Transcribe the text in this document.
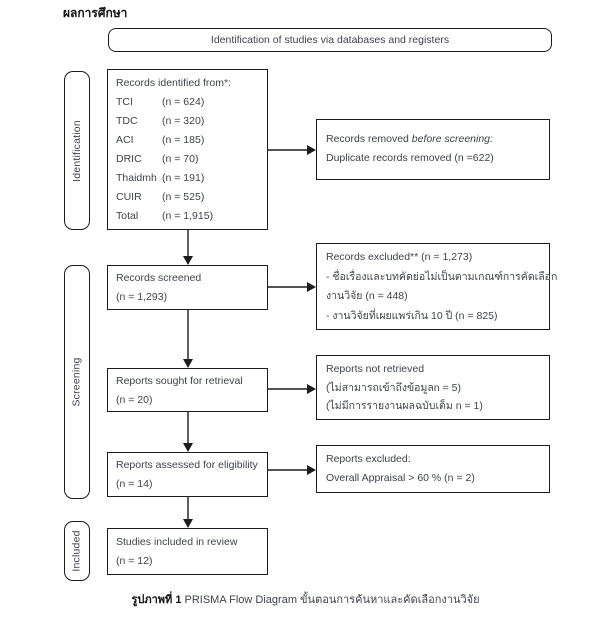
ผลการศึกษา
Identification of studies via databases and registers
Identification
Screening
Included
Records identified from*:
TCI	(n = 624)
TDC	(n = 320)
ACI	(n = 185)
DRIC	(n = 70)
Thaidmh (n = 191)
CUIR	(n = 525)
Total	(n = 1,915)
Records screened
(n = 1,293)
Reports sought for retrieval
(n = 20)
Reports assessed for eligibility
(n = 14)
Studies included in review
(n = 12)
Records removed before screening:
Duplicate records removed (n =622)
Records excluded** (n = 1,273)
- ชื่อเรื่องและบทคัดย่อไม่เป็นตามเกณฑ์การคัดเลือก
งานวิจัย (n = 448)
- งานวิจัยที่เผยแพร่เกิน 10 ปี (n = 825)
Reports not retrieved
(ไม่สามารถเข้าถึงข้อมูลn = 5)
(ไม่มีการรายงานผลฉบับเต็ม n = 1)
Reports excluded:
Overall Appraisal > 60 % (n = 2)
รูปภาพที่ 1 PRISMA Flow Diagram ขั้นตอนการค้นหาและคัดเลือกงานวิจัย
